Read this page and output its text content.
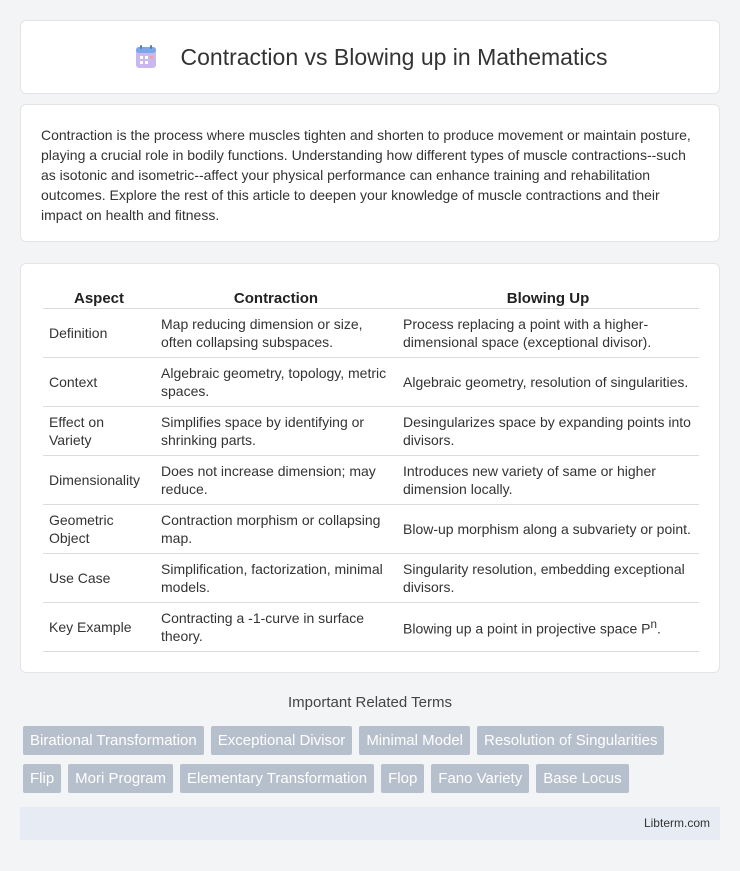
Contraction vs Blowing up in Mathematics

Contraction is the process where muscles tighten and shorten to produce movement or maintain posture, playing a crucial role in bodily functions. Understanding how different types of muscle contractions--such as isotonic and isometric--affect your physical performance can enhance training and rehabilitation outcomes. Explore the rest of this article to deepen your knowledge of muscle contractions and their impact on health and fitness.

Aspect	Contraction	Blowing Up
Definition	Map reducing dimension or size, often collapsing subspaces.	Process replacing a point with a higher-dimensional space (exceptional divisor).
Context	Algebraic geometry, topology, metric spaces.	Algebraic geometry, resolution of singularities.
Effect on Variety	Simplifies space by identifying or shrinking parts.	Desingularizes space by expanding points into divisors.
Dimensionality	Does not increase dimension; may reduce.	Introduces new variety of same or higher dimension locally.
Geometric Object	Contraction morphism or collapsing map.	Blow-up morphism along a subvariety or point.
Use Case	Simplification, factorization, minimal models.	Singularity resolution, embedding exceptional divisors.
Key Example	Contracting a -1-curve in surface theory.	Blowing up a point in projective space $P^n$.
Important Related Terms
Birational Transformation	Exceptional Divisor	Minimal Model	Resolution of Singularities
Flip	Mori Program	Elementary Transformation	Flop	Fano Variety	Base Locus
Libterm.com
